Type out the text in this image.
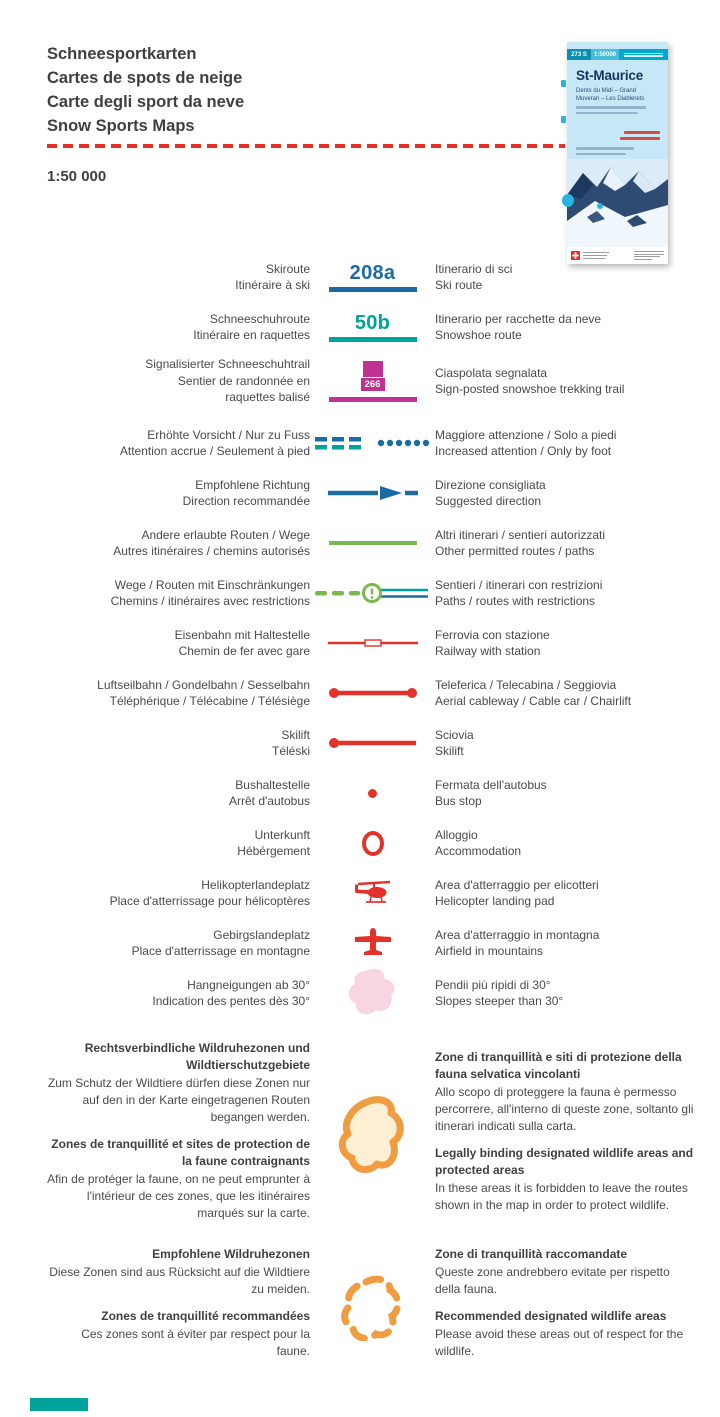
Schneesportkarten
Cartes de spots de neige
Carte degli sport da neve
Snow Sports Maps
1:50 000
273 S	1:50000
St-Maurice
Dents du Midi – Grand Muveran – Les Diablerets
Skiroute
Itinéraire à ski
208a	Itinerario di sci
Ski route
Schneeschuhroute
Itinéraire en raquettes
50b	Itinerario per racchette da neve
Snowshoe route
Signalisierter Schneeschuhtrail
Sentier de randonnée en
raquettes balisé
266
Ciaspolata segnalata
Sign-posted snowshoe trekking trail
Erhöhte Vorsicht / Nur zu Fuss
Attention accrue / Seulement à pied
Maggiore attenzione / Solo a piedi
Increased attention / Only by foot
Empfohlene Richtung
Direction recommandée
Direzione consigliata
Suggested direction
Andere erlaubte Routen / Wege
Autres itinéraires / chemins autorisés
Altri itinerari / sentieri autorizzati
Other permitted routes / paths
Wege / Routen mit Einschränkungen
Chemins / itinéraires avec restrictions
Sentieri / itinerari con restrizioni
Paths / routes with restrictions
Eisenbahn mit Haltestelle
Chemin de fer avec gare
Ferrovia con stazione
Railway with station
Luftseilbahn / Gondelbahn / Sesselbahn
Téléphérique / Télécabine / Télésiège
Teleferica / Telecabina / Seggiovia
Aerial cableway / Cable car / Chairlift
Skilift
Téléski
Sciovia
Skilift
Bushaltestelle
Arrêt d'autobus
Fermata dell'autobus
Bus stop
Unterkunft
Hébérgement
Alloggio
Accommodation
Helikopterlandeplatz
Place d'atterrissage pour hélicoptères
Area d'atterraggio per elicotteri
Helicopter landing pad
Gebirgslandeplatz
Place d'atterrissage en montagne
Area d'atterraggio in montagna
Airfield in mountains
Hangneigungen ab 30°
Indication des pentes dès 30°
Pendii più ripidi di 30°
Slopes steeper than 30°

Rechtsverbindliche Wildruhezonen und Wildtierschutzgebiete

Zum Schutz der Wildtiere dürfen diese Zonen nur auf den in der Karte eingetragenen Routen begangen werden.

Zones de tranquillité et sites de protection de la faune contraignants

Afin de protéger la faune, on ne peut emprunter à l'intérieur de ces zones, que les itinéraires marqués sur la carte.

Zone di tranquillità e siti di protezione della fauna selvatica vincolanti

Allo scopo di proteggere la fauna è permesso percorrere, all'interno di queste zone, soltanto gli itinerari indicati sulla carta.

Legally binding designated wildlife areas and protected areas

In these areas it is forbidden to leave the routes shown in the map in order to protect wildlife.

Empfohlene Wildruhezonen

Diese Zonen sind aus Rücksicht auf die Wildtiere zu meiden.

Zones de tranquillité recommandées

Ces zones sont à éviter par respect pour la faune.

Zone di tranquillità raccomandate

Queste zone andrebbero evitate per rispetto della fauna.

Recommended designated wildlife areas

Please avoid these areas out of respect for the wildlife.
